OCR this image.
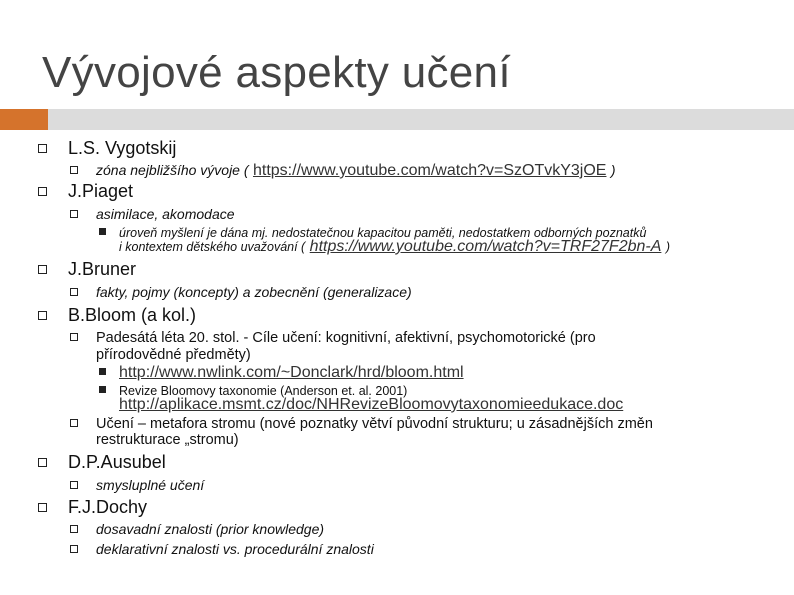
Vývojové aspekty učení
L.S. Vygotskij
zóna nejbližšího vývoje ( https://www.youtube.com/watch?v=SzOTvkY3jOE )
J.Piaget
asimilace, akomodace
úroveň myšlení je dána mj. nedostatečnou kapacitou paměti, nedostatkem odborných poznatků
i kontextem dětského uvažování ( https://www.youtube.com/watch?v=TRF27F2bn-A )
J.Bruner
fakty, pojmy (koncepty) a zobecnění (generalizace)
B.Bloom (a kol.)
Padesátá léta 20. stol. - Cíle učení: kognitivní, afektivní, psychomotorické (pro
přírodovědné předměty)
http://www.nwlink.com/~Donclark/hrd/bloom.html
Revize Bloomovy taxonomie (Anderson et. al. 2001)
http://aplikace.msmt.cz/doc/NHRevizeBloomovytaxonomieedukace.doc
Učení – metafora stromu (nové poznatky větví původní strukturu; u zásadnějších změn
restrukturace „stromu)
D.P.Ausubel
smysluplné učení
F.J.Dochy
dosavadní znalosti (prior knowledge)
deklarativní znalosti vs. procedurální znalosti
